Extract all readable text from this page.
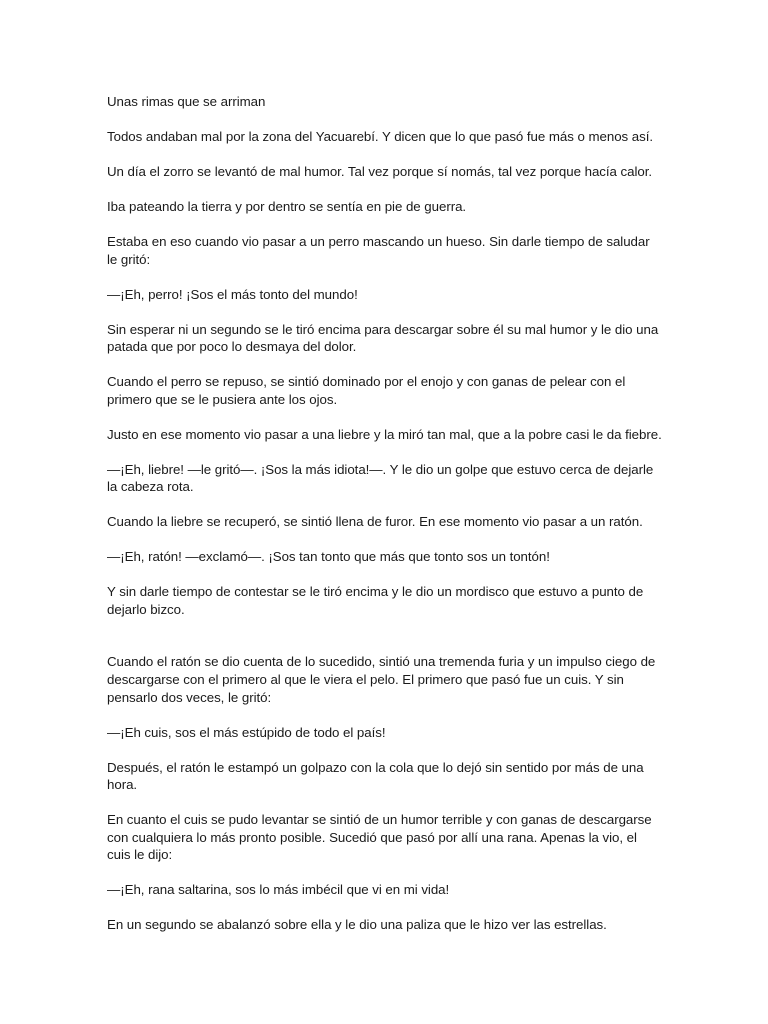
Unas rimas que se arriman

Todos andaban mal por la zona del Yacuarebí. Y dicen que lo que pasó fue más o menos así.

Un día el zorro se levantó de mal humor. Tal vez porque sí nomás, tal vez porque hacía calor.

Iba pateando la tierra y por dentro se sentía en pie de guerra.

Estaba en eso cuando vio pasar a un perro mascando un hueso. Sin darle tiempo de saludar le gritó:

—¡Eh, perro! ¡Sos el más tonto del mundo!

Sin esperar ni un segundo se le tiró encima para descargar sobre él su mal humor y le dio una patada que por poco lo desmaya del dolor.

Cuando el perro se repuso, se sintió dominado por el enojo y con ganas de pelear con el primero que se le pusiera ante los ojos.

Justo en ese momento vio pasar a una liebre y la miró tan mal, que a la pobre casi le da fiebre.

—¡Eh, liebre! —le gritó—. ¡Sos la más idiota!—. Y le dio un golpe que estuvo cerca de dejarle la cabeza rota.

Cuando la liebre se recuperó, se sintió llena de furor. En ese momento vio pasar a un ratón.

—¡Eh, ratón! —exclamó—. ¡Sos tan tonto que más que tonto sos un tontón!

Y sin darle tiempo de contestar se le tiró encima y le dio un mordisco que estuvo a punto de dejarlo bizco.

Cuando el ratón se dio cuenta de lo sucedido, sintió una tremenda furia y un impulso ciego de descargarse con el primero al que le viera el pelo. El primero que pasó fue un cuis. Y sin pensarlo dos veces, le gritó:

—¡Eh cuis, sos el más estúpido de todo el país!

Después, el ratón le estampó un golpazo con la cola que lo dejó sin sentido por más de una hora.

En cuanto el cuis se pudo levantar se sintió de un humor terrible y con ganas de descargarse con cualquiera lo más pronto posible. Sucedió que pasó por allí una rana. Apenas la vio, el cuis le dijo:

—¡Eh, rana saltarina, sos lo más imbécil que vi en mi vida!

En un segundo se abalanzó sobre ella y le dio una paliza que le hizo ver las estrellas.
